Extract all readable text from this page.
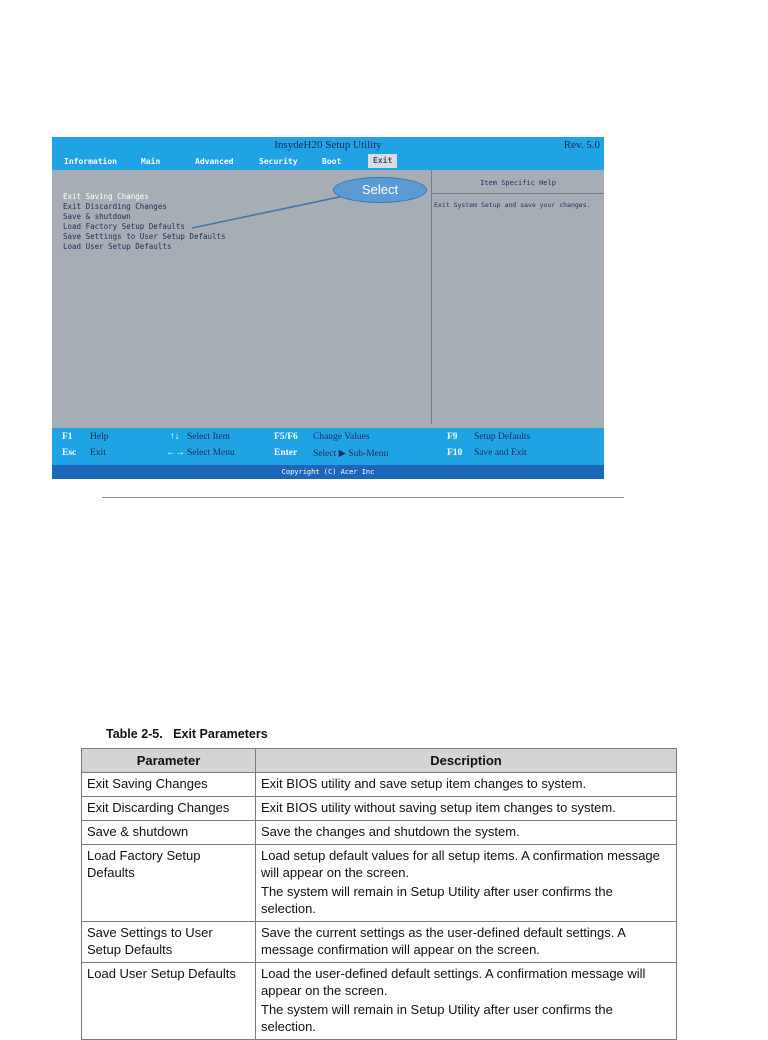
InsydeH20 Setup Utility	Rev. 5.0
Information	Main	Advanced	Security	Boot	Exit
Exit Saving Changes
Exit Discarding Changes
Save & shutdown
Load Factory Setup Defaults
Save Settings to User Setup Defaults
Load User Setup Defaults
Item Specific Help
Exit System Setup and save your changes.
Select
F1 Help
Esc Exit
↑↓ Select Item
←→ Select Menu
F5/F6 Change Values
Enter Select ▶ Sub-Menu
F9 Setup Defaults
F10 Save and Exit
Copyright (C) Acer Inc
Table 2-5.   Exit Parameters
Parameter	Description
Exit Saving Changes	Exit BIOS utility and save setup item changes to system.

Exit Discarding Changes	Exit BIOS utility without saving setup item changes to system.

Save & shutdown	Save the changes and shutdown the system.

Load Factory Setup Defaults	Load setup default values for all setup items. A confirmation message will appear on the screen.

The system will remain in Setup Utility after user confirms the selection.

Save Settings to User Setup Defaults	Save the current settings as the user-defined default settings. A message confirmation will appear on the screen.

Load User Setup Defaults	Load the user-defined default settings. A confirmation message will appear on the screen.

The system will remain in Setup Utility after user confirms the selection.
